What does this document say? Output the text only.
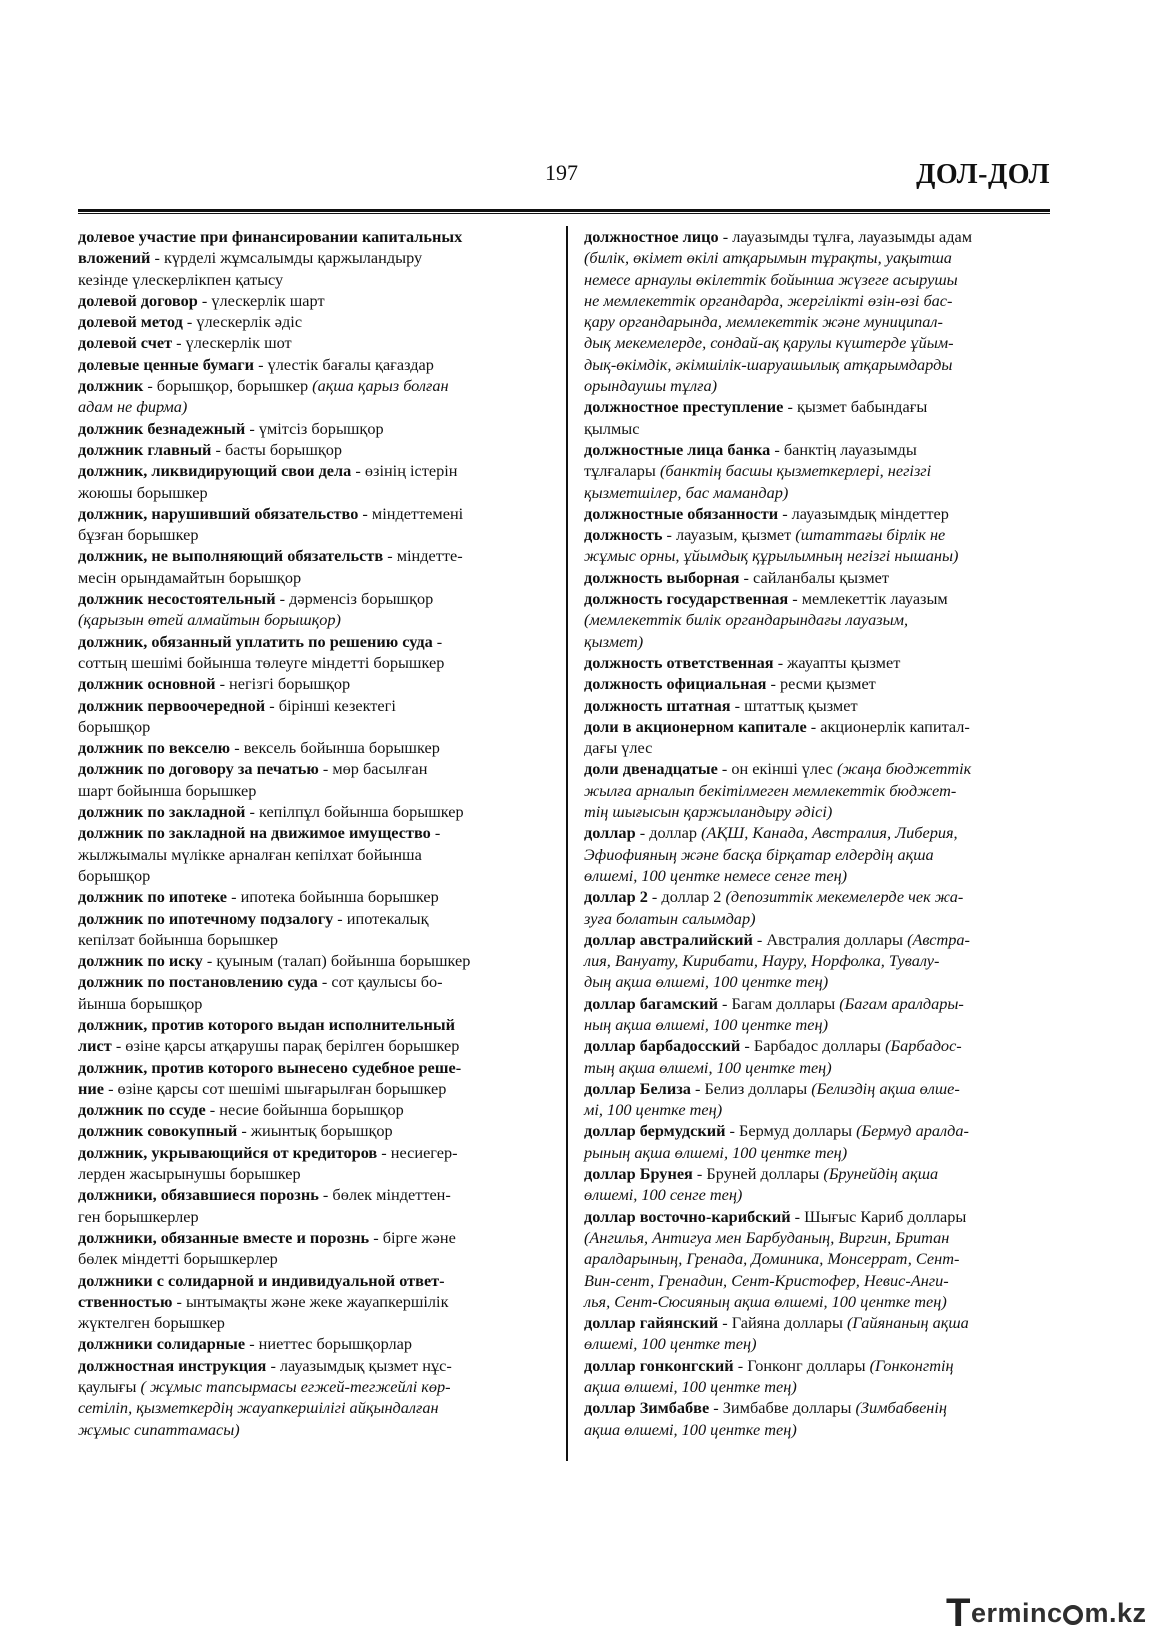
197	ДОЛ-ДОЛ
долевое участие при финансировании капитальных
вложений - күрделі жұмсалымды қаржыландыру
кезінде үлескерлікпен қатысу
долевой договор - үлескерлік шарт
долевой метод - үлескерлік әдіс
долевой счет - үлескерлік шот
долевые ценные бумаги - үлестік бағалы қағаздар
должник - борышқор, борышкер (ақша қарыз болған
адам не фирма)
должник безнадежный - үмітсіз борышқор
должник главный - басты борышқор
должник, ликвидирующий свои дела - өзінің істерін
жоюшы борышкер
должник, нарушивший обязательство - міндеттемені
бұзған борышкер
должник, не выполняющий обязательств - міндетте-
месін орындамайтын борышқор
должник несостоятельный - дәрменсіз борышқор
(қарызын өтей алмайтын борышқор)
должник, обязанный уплатить по решению суда -
соттың шешімі бойынша төлеуге міндетті борышкер
должник основной - негізгі борышқор
должник первоочередной - бірінші кезектегі
борышқор
должник по векселю - вексель бойынша борышкер
должник по договору за печатью - мөр басылған
шарт бойынша борышкер
должник по закладной - кепілпұл бойынша борышкер
должник по закладной на движимое имущество -
жылжымалы мүлікке арналған кепілхат бойынша
борышқор
должник по ипотеке - ипотека бойынша борышкер
должник по ипотечному подзалогу - ипотекалық
кепілзат бойынша борышкер
должник по иску - қуыным (талап) бойынша борышкер
должник по постановлению суда - сот қаулысы бо-
йынша борышқор
должник, против которого выдан исполнительный
лист - өзіне қарсы атқарушы парақ берілген борышкер
должник, против которого вынесено судебное реше-
ние - өзіне қарсы сот шешімі шығарылған борышкер
должник по ссуде - несие бойынша борышқор
должник совокупный - жиынтық борышқор
должник, укрывающийся от кредиторов - несиегер-
лерден жасырынушы борышкер
должники, обязавшиеся порознь - бөлек міндеттен-
ген борышкерлер
должники, обязанные вместе и порознь - бірге және
бөлек міндетті борышкерлер
должники с солидарной и индивидуальной ответ-
ственностью - ынтымақты және жеке жауапкершілік
жүктелген борышкер
должники солидарные - ниеттес борышқорлар
должностная инструкция - лауазымдық қызмет нұс-
қаулығы ( жұмыс тапсырмасы егжей-тегжейлі көр-
сетіліп, қызметкердің жауапкершілігі айқындалған
жұмыс сипаттамасы)
должностное лицо - лауазымды тұлға, лауазымды адам
(билік, өкімет өкілі атқарымын тұрақты, уақытша
немесе арнаулы өкілеттік бойынша жүзеге асырушы
не мемлекеттік органдарда, жергілікті өзін-өзі бас-
қару органдарында, мемлекеттік және муниципал-
дық мекемелерде, сондай-ақ қарулы күштерде ұйым-
дық-өкімдік, әкімшілік-шаруашылық атқарымдарды
орындаушы тұлға)
должностное преступление - қызмет бабындағы
қылмыс
должностные лица банка - банктің лауазымды
тұлғалары (банктің басшы қызметкерлері, негізгі
қызметшілер, бас мамандар)
должностные обязанности - лауазымдық міндеттер
должность - лауазым, қызмет (штаттағы бірлік не
жұмыс орны, ұйымдық құрылымның негізгі нышаны)
должность выборная - сайланбалы қызмет
должность государственная - мемлекеттік лауазым
(мемлекеттік билік органдарындағы лауазым,
қызмет)
должность ответственная - жауапты қызмет
должность официальная - ресми қызмет
должность штатная - штаттық қызмет
доли в акционерном капитале - акционерлік капитал-
дағы үлес
доли двенадцатые - он екінші үлес (жаңа бюджеттік
жылға арналып бекітілмеген мемлекеттік бюджет-
тің шығысын қаржыландыру әдісі)
доллар - доллар (АҚШ, Канада, Австралия, Либерия,
Эфиофияның және басқа бірқатар елдердің ақша
өлшемі, 100 центке немесе сенге тең)
доллар 2 - доллар 2 (депозиттік мекемелерде чек жа-
зуға болатын салымдар)
доллар австралийский - Австралия доллары (Австра-
лия, Вануату, Кирибати, Науру, Норфолка, Тувалу-
дың ақша өлшемі, 100 центке тең)
доллар багамский - Багам доллары (Багам аралдары-
ның ақша өлшемі, 100 центке тең)
доллар барбадосский - Барбадос доллары (Барбадос-
тың ақша өлшемі, 100 центке тең)
доллар Белиза - Белиз доллары (Белиздің ақша өлше-
мі, 100 центке тең)
доллар бермудский - Бермуд доллары (Бермуд аралда-
рының ақша өлшемі, 100 центке тең)
доллар Брунея - Бруней доллары (Брунейдің ақша
өлшемі, 100 сенге тең)
доллар восточно-карибский - Шығыс Кариб доллары
(Ангилья, Антигуа мен Барбуданың, Виргин, Британ
аралдарының, Гренада, Доминика, Монсеррат, Сент-
Вин-сент, Гренадин, Сент-Кристофер, Невис-Анги-
лья, Сент-Сюсияның ақша өлшемі, 100 центке тең)
доллар гайянский - Гайяна доллары (Гайянаның ақша
өлшемі, 100 центке тең)
доллар гонконгский - Гонконг доллары (Гонконгтің
ақша өлшемі, 100 центке тең)
доллар Зимбабве - Зимбабве доллары (Зимбабвенің
ақша өлшемі, 100 центке тең)
Terminc m.kz
